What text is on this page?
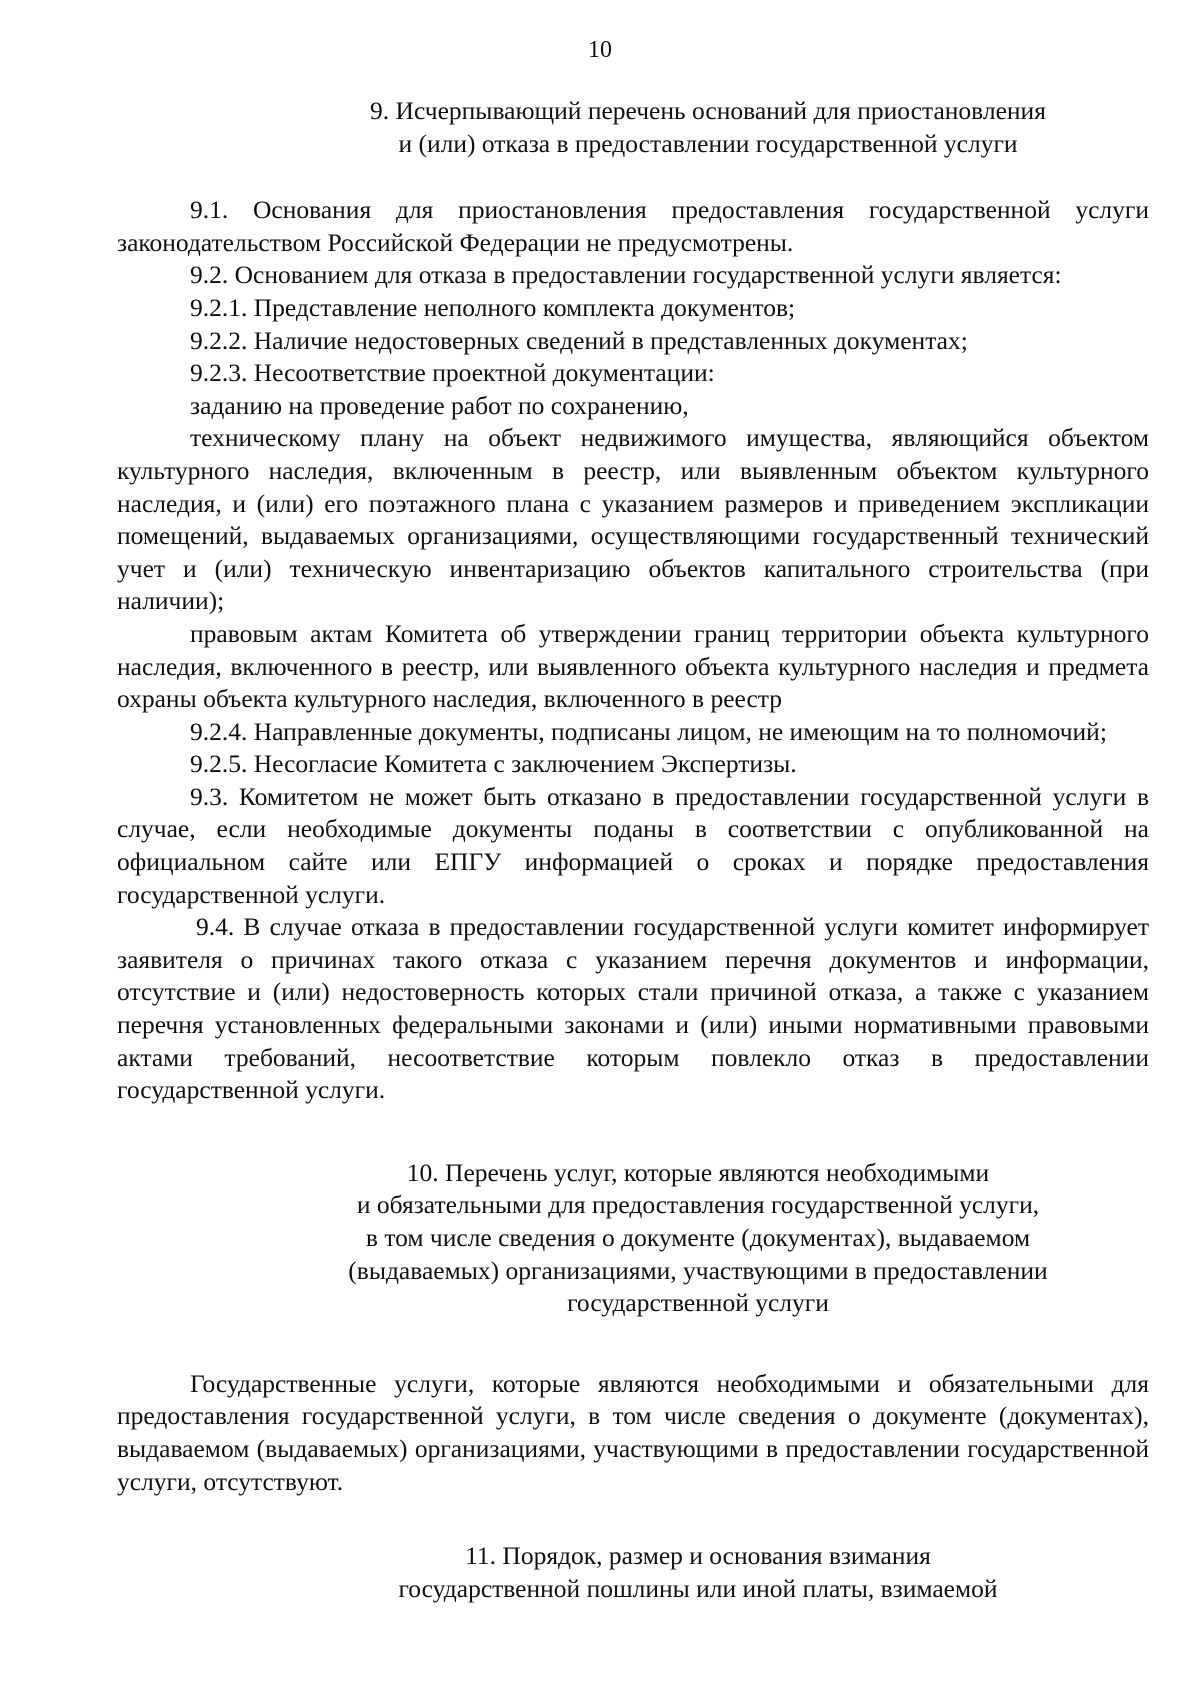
10
9. Исчерпывающий перечень оснований для приостановления
и (или) отказа в предоставлении государственной услуги

9.1. Основания для приостановления предоставления государственной услуги законодательством Российской Федерации не предусмотрены.

9.2. Основанием для отказа в предоставлении государственной услуги является:

9.2.1. Представление неполного комплекта документов;

9.2.2. Наличие недостоверных сведений в представленных документах;

9.2.3. Несоответствие проектной документации:

заданию на проведение работ по сохранению,

техническому плану на объект недвижимого имущества, являющийся объектом культурного наследия, включенным в реестр, или выявленным объектом культурного наследия, и (или) его поэтажного плана с указанием размеров и приведением экспликации помещений, выдаваемых организациями, осуществляющими государственный технический учет и (или) техническую инвентаризацию объектов капитального строительства (при наличии);

правовым актам Комитета об утверждении границ территории объекта культурного наследия, включенного в реестр, или выявленного объекта культурного наследия и предмета охраны объекта культурного наследия, включенного в реестр

9.2.4. Направленные документы, подписаны лицом, не имеющим на то полномочий;

9.2.5. Несогласие Комитета с заключением Экспертизы.

9.3. Комитетом не может быть отказано в предоставлении государственной услуги в случае, если необходимые документы поданы в соответствии с опубликованной на официальном сайте или ЕПГУ информацией о сроках и порядке предоставления государственной услуги.

9.4. В случае отказа в предоставлении государственной услуги комитет информирует заявителя о причинах такого отказа с указанием перечня документов и информации, отсутствие и (или) недостоверность которых стали причиной отказа, а также с указанием перечня установленных федеральными законами и (или) иными нормативными правовыми актами требований, несоответствие которым повлекло отказ в предоставлении государственной услуги.

10. Перечень услуг, которые являются необходимыми
и обязательными для предоставления государственной услуги,
в том числе сведения о документе (документах), выдаваемом
(выдаваемых) организациями, участвующими в предоставлении
государственной услуги

Государственные услуги, которые являются необходимыми и обязательными для предоставления государственной услуги, в том числе сведения о документе (документах), выдаваемом (выдаваемых) организациями, участвующими в предоставлении государственной услуги, отсутствуют.

11. Порядок, размер и основания взимания
государственной пошлины или иной платы, взимаемой
